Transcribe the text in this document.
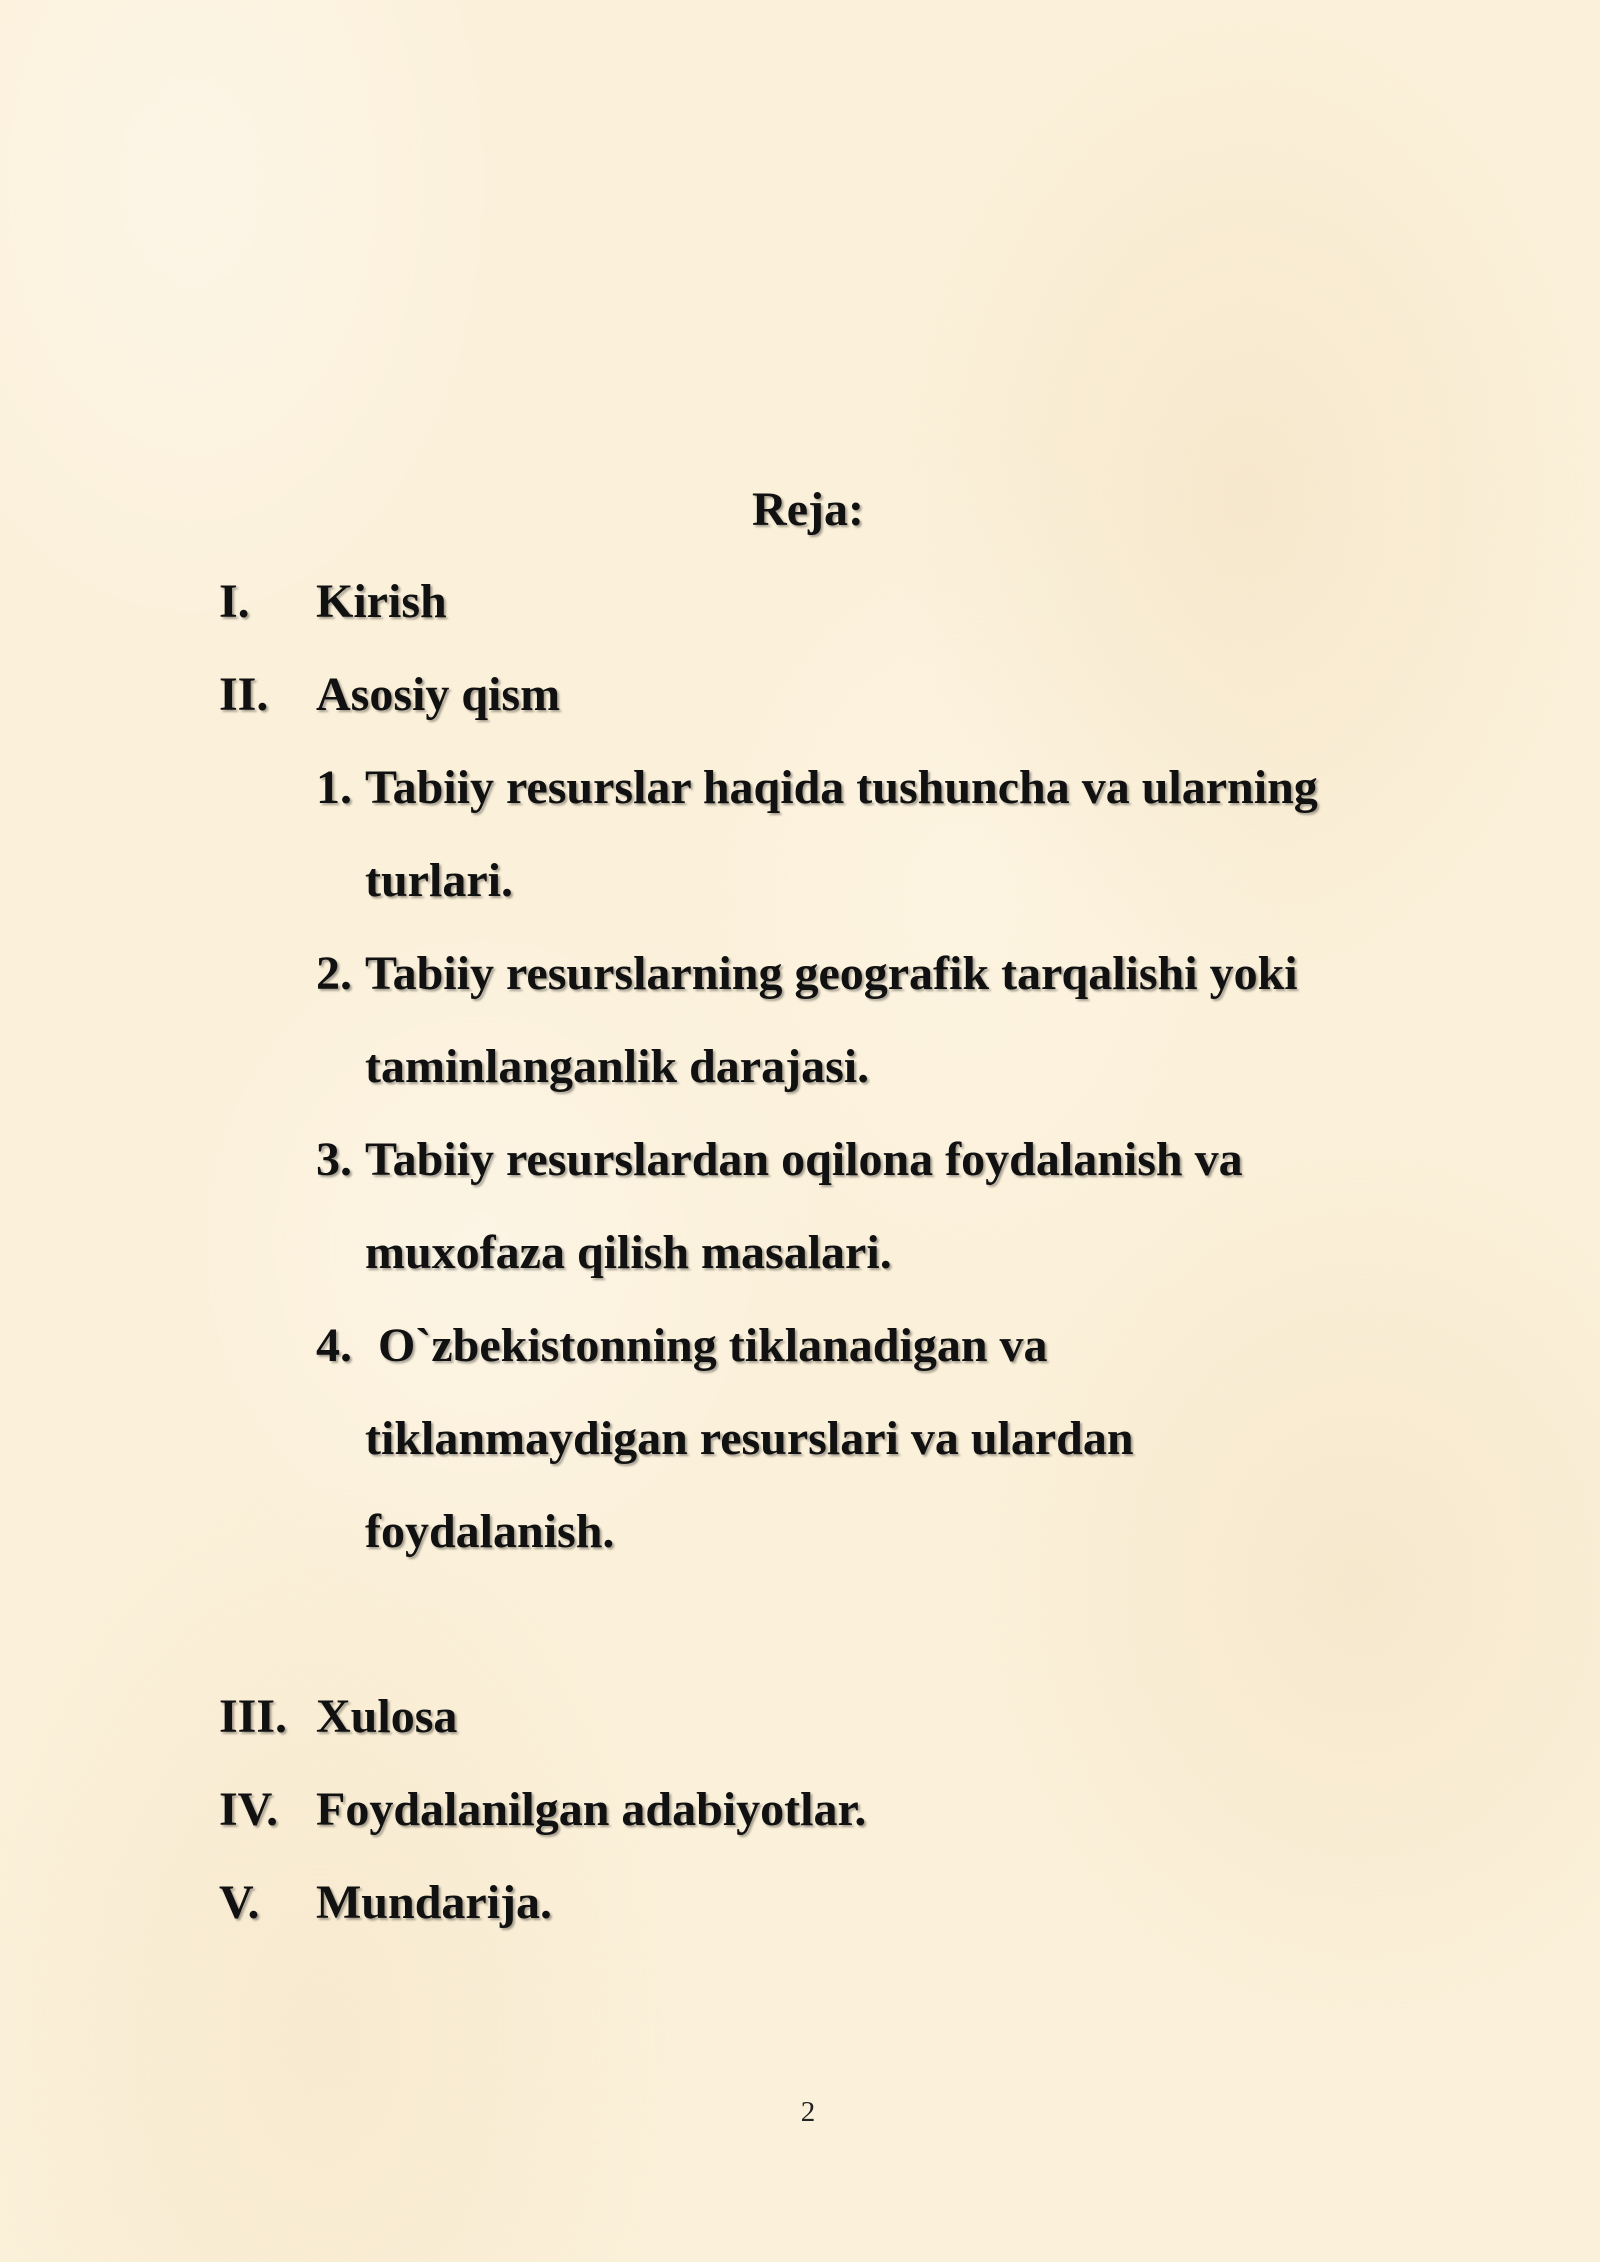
Reja:
I. Kirish
II. Asosiy qism
1. Tabiiy resurslar haqida tushuncha va ularning
turlari.
2. Tabiiy resurslarning geografik tarqalishi yoki
taminlanganlik darajasi.
3. Tabiiy resurslardan oqilona foydalanish va
muxofaza qilish masalari.
4. O`zbekistonning tiklanadigan va
tiklanmaydigan resurslari va ulardan
foydalanish.
III. Xulosa
IV. Foydalanilgan adabiyotlar.
V. Mundarija.
2
